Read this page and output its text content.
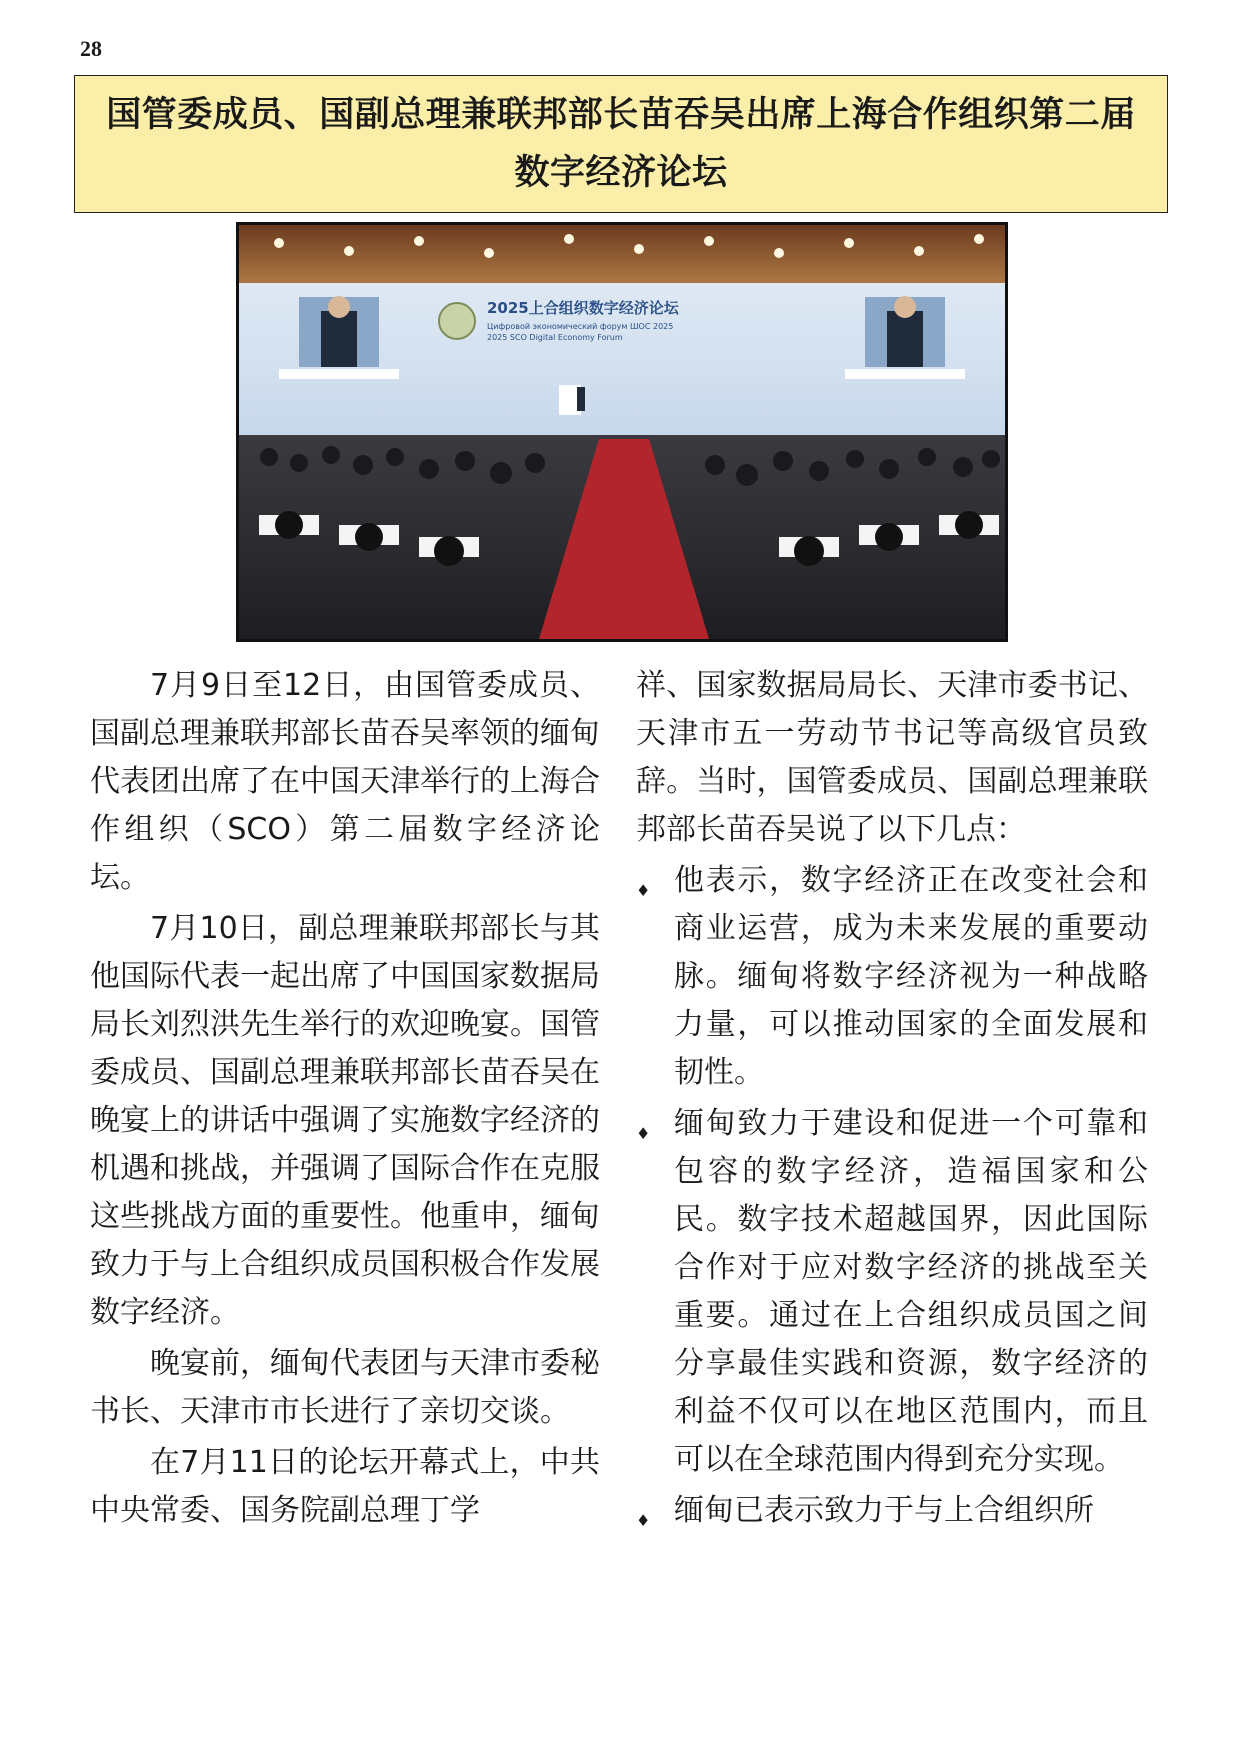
28
国管委成员、国副总理兼联邦部长苗吞吴出席上海合作组织第二届数字经济论坛
2025上合组织数字经济论坛
Цифровой экономический форум ШОС 2025
2025 SCO Digital Economy Forum

7月9日至12日，由国管委成员、国副总理兼联邦部长苗吞吴率领的缅甸代表团出席了在中国天津举行的上海合作组织（SCO）第二届数字经济论坛。

7月10日，副总理兼联邦部长与其他国际代表一起出席了中国国家数据局局长刘烈洪先生举行的欢迎晚宴。国管委成员、国副总理兼联邦部长苗吞吴在晚宴上的讲话中强调了实施数字经济的机遇和挑战，并强调了国际合作在克服这些挑战方面的重要性。他重申，缅甸致力于与上合组织成员国积极合作发展数字经济。

晚宴前，缅甸代表团与天津市委秘书长、天津市市长进行了亲切交谈。

在7月11日的论坛开幕式上，中共中央常委、国务院副总理丁学

祥、国家数据局局长、天津市委书记、天津市五一劳动节书记等高级官员致辞。当时，国管委成员、国副总理兼联邦部长苗吞吴说了以下几点：

♦ 他表示，数字经济正在改变社会和商业运营，成为未来发展的重要动脉。缅甸将数字经济视为一种战略力量，可以推动国家的全面发展和韧性。
♦ 缅甸致力于建设和促进一个可靠和包容的数字经济，造福国家和公民。数字技术超越国界，因此国际合作对于应对数字经济的挑战至关重要。通过在上合组织成员国之间分享最佳实践和资源，数字经济的利益不仅可以在地区范围内，而且可以在全球范围内得到充分实现。
♦ 缅甸已表示致力于与上合组织所
